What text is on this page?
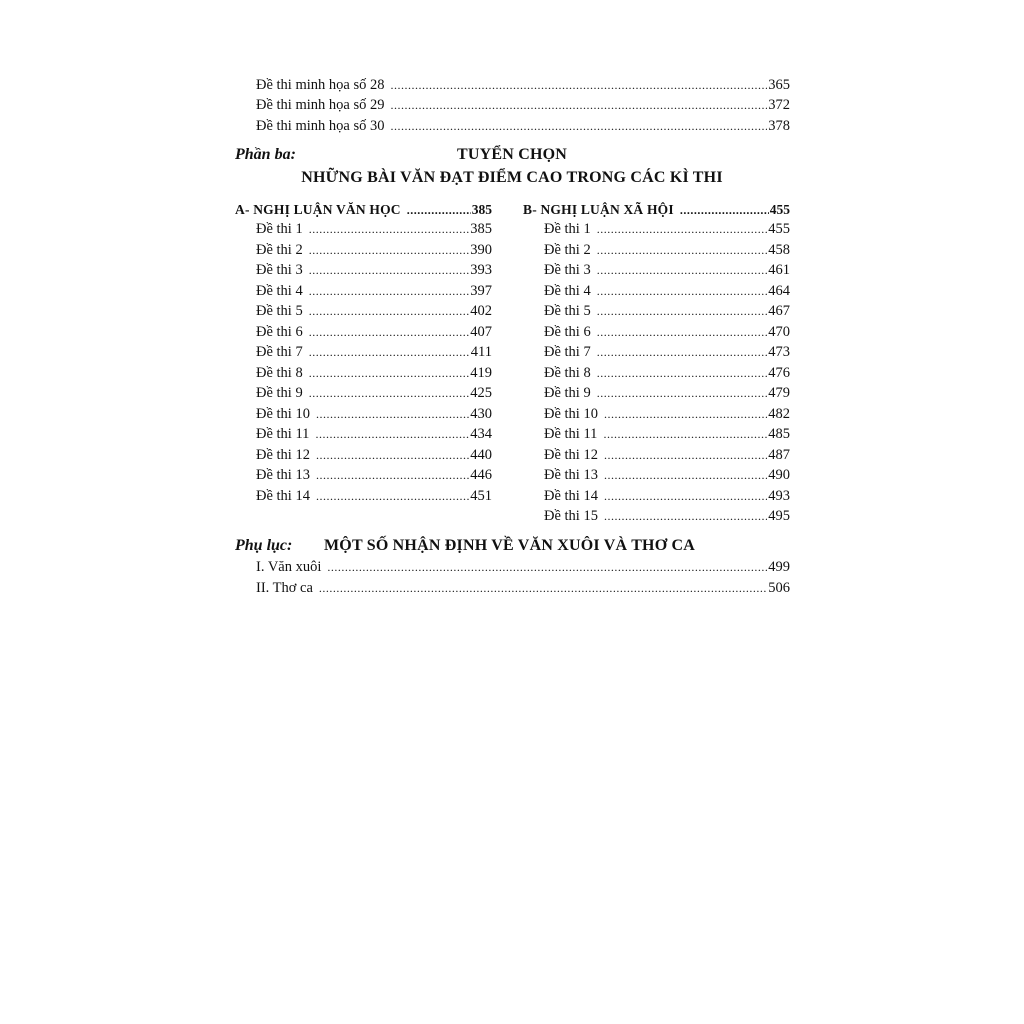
Đề thi minh họa số 28 .....	365
Đề thi minh họa số 29 .....	372
Đề thi minh họa số 30 .....	378
Phần ba:	TUYỂN CHỌN
NHỮNG BÀI VĂN ĐẠT ĐIỂM CAO TRONG CÁC KÌ THI
A- NGHỊ LUẬN VĂN HỌC .....	385
Đề thi 1 .....	385
Đề thi 2 .....	390
Đề thi 3 .....	393
Đề thi 4 .....	397
Đề thi 5 .....	402
Đề thi 6 .....	407
Đề thi 7 .....	411
Đề thi 8 .....	419
Đề thi 9 .....	425
Đề thi 10 .....	430
Đề thi 11 .....	434
Đề thi 12 .....	440
Đề thi 13 .....	446
Đề thi 14 .....	451
B- NGHỊ LUẬN XÃ HỘI .....	455
Đề thi 1 .....	455
Đề thi 2 .....	458
Đề thi 3 .....	461
Đề thi 4 .....	464
Đề thi 5 .....	467
Đề thi 6 .....	470
Đề thi 7 .....	473
Đề thi 8 .....	476
Đề thi 9 .....	479
Đề thi 10 .....	482
Đề thi 11 .....	485
Đề thi 12 .....	487
Đề thi 13 .....	490
Đề thi 14 .....	493
Đề thi 15 .....	495
Phụ lục: MỘT SỐ NHẬN ĐỊNH VỀ VĂN XUÔI VÀ THƠ CA
I. Văn xuôi .....	499
II. Thơ ca .....	506
